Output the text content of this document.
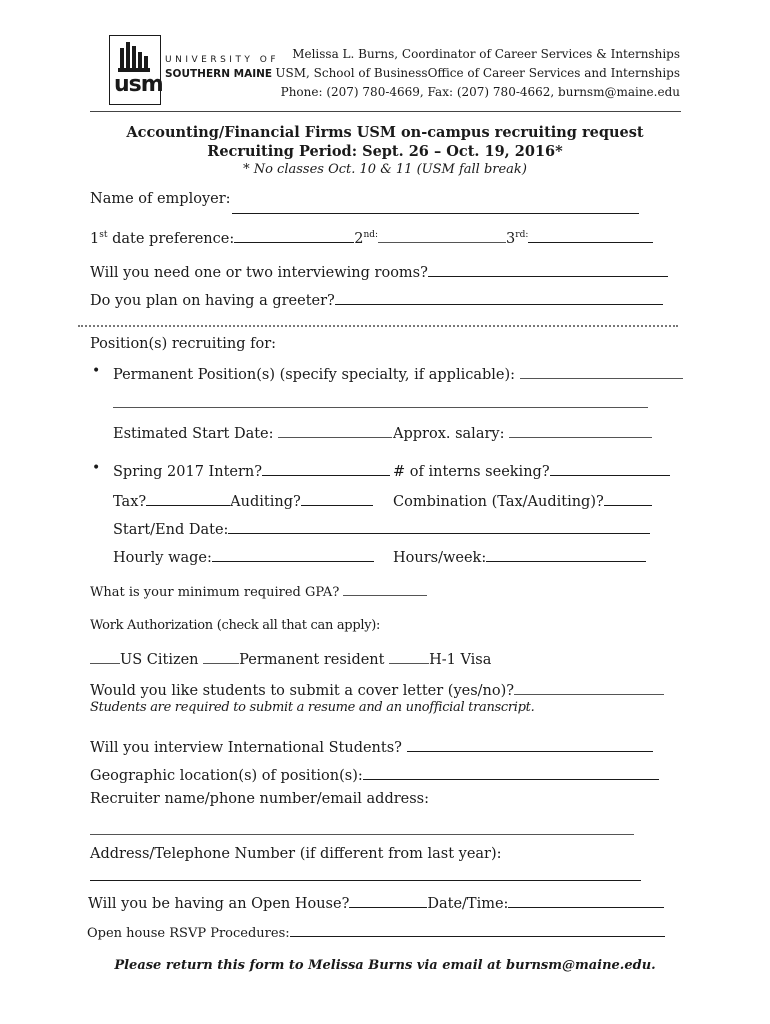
usm
UNIVERSITY OF
SOUTHERN MAINE
Melissa L. Burns, Coordinator of Career Services & Internships
USM, School of BusinessOffice of Career Services and Internships
Phone: (207) 780-4669, Fax: (207) 780-4662, burnsm@maine.edu
Accounting/Financial Firms USM on-campus recruiting request
Recruiting Period: Sept. 26 – Oct. 19, 2016*
* No classes Oct. 10 & 11 (USM fall break)
Name of employer:
1st date preference:	$2^{nd:}$	$3^{rd:}$
Will you need one or two interviewing rooms?
Do you plan on having a greeter?
Position(s) recruiting for:
• Permanent Position(s) (specify specialty, if applicable):
Estimated Start Date:	Approx. salary:
• Spring 2017 Intern?	# of interns seeking?
Tax?	Auditing?	Combination (Tax/Auditing)?
Start/End Date:
Hourly wage:	Hours/week:
What is your minimum required GPA?
Work Authorization (check all that can apply):
US Citizen	Permanent resident	H-1 Visa
Would you like students to submit a cover letter (yes/no)?
Students are required to submit a resume and an unofficial transcript.
Will you interview International Students?
Geographic location(s) of position(s):
Recruiter name/phone number/email address:
Address/Telephone Number (if different from last year):
Will you be having an Open House?	Date/Time:
Open house RSVP Procedures:
Please return this form to Melissa Burns via email at burnsm@maine.edu.
